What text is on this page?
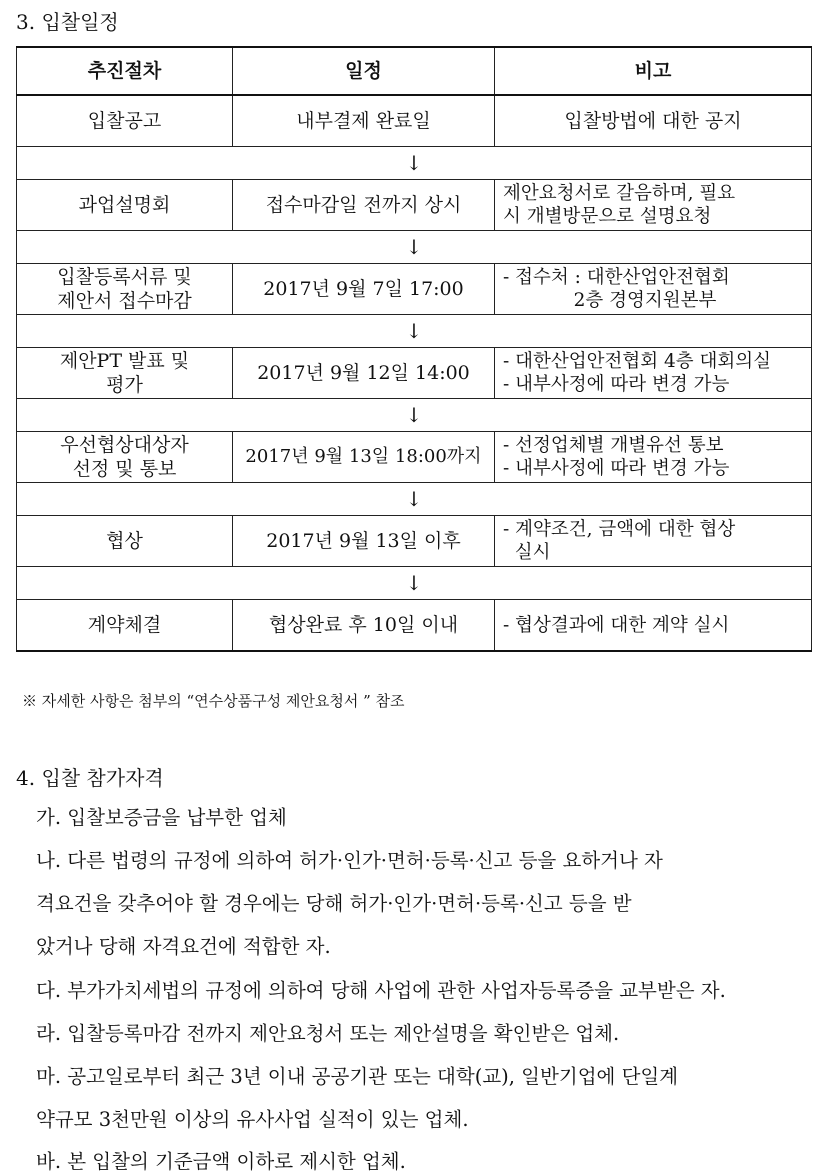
3. 입찰일정
추진절차	일정	비고

입찰공고	내부결제 완료일	입찰방법에 대한 공지

↓		

과업설명회	접수마감일 전까지 상시	제안요청서로 갈음하며, 필요
시 개별방문으로 설명요청

↓		

입찰등록서류 및
제안서 접수마감	2017년 9월 7일 17:00	- 접수처 : 대한산업안전협회
2층 경영지원본부

↓		

제안PT 발표 및
평가	2017년 9월 12일 14:00	- 대한산업안전협회 4층 대회의실
- 내부사정에 따라 변경 가능

↓		

우선협상대상자
선정 및 통보	2017년 9월 13일 18:00까지	- 선정업체별 개별유선 통보
- 내부사정에 따라 변경 가능

↓		

협상	2017년 9월 13일 이후	- 계약조건, 금액에 대한 협상
실시

↓		

계약체결	협상완료 후 10일 이내	- 협상결과에 대한 계약 실시
※ 자세한 사항은 첨부의 “연수상품구성 제안요청서 ” 참조
4. 입찰 참가자격
가. 입찰보증금을 납부한 업체
나. 다른 법령의 규정에 의하여 허가·인가·면허·등록·신고 등을 요하거나 자
격요건을 갖추어야 할 경우에는 당해 허가·인가·면허·등록·신고 등을 받
았거나 당해 자격요건에 적합한 자.
다. 부가가치세법의 규정에 의하여 당해 사업에 관한 사업자등록증을 교부받은 자.
라. 입찰등록마감 전까지 제안요청서 또는 제안설명을 확인받은 업체.
마. 공고일로부터 최근 3년 이내 공공기관 또는 대학(교), 일반기업에 단일계
약규모 3천만원 이상의 유사사업 실적이 있는 업체.
바. 본 입찰의 기준금액 이하로 제시한 업체.
